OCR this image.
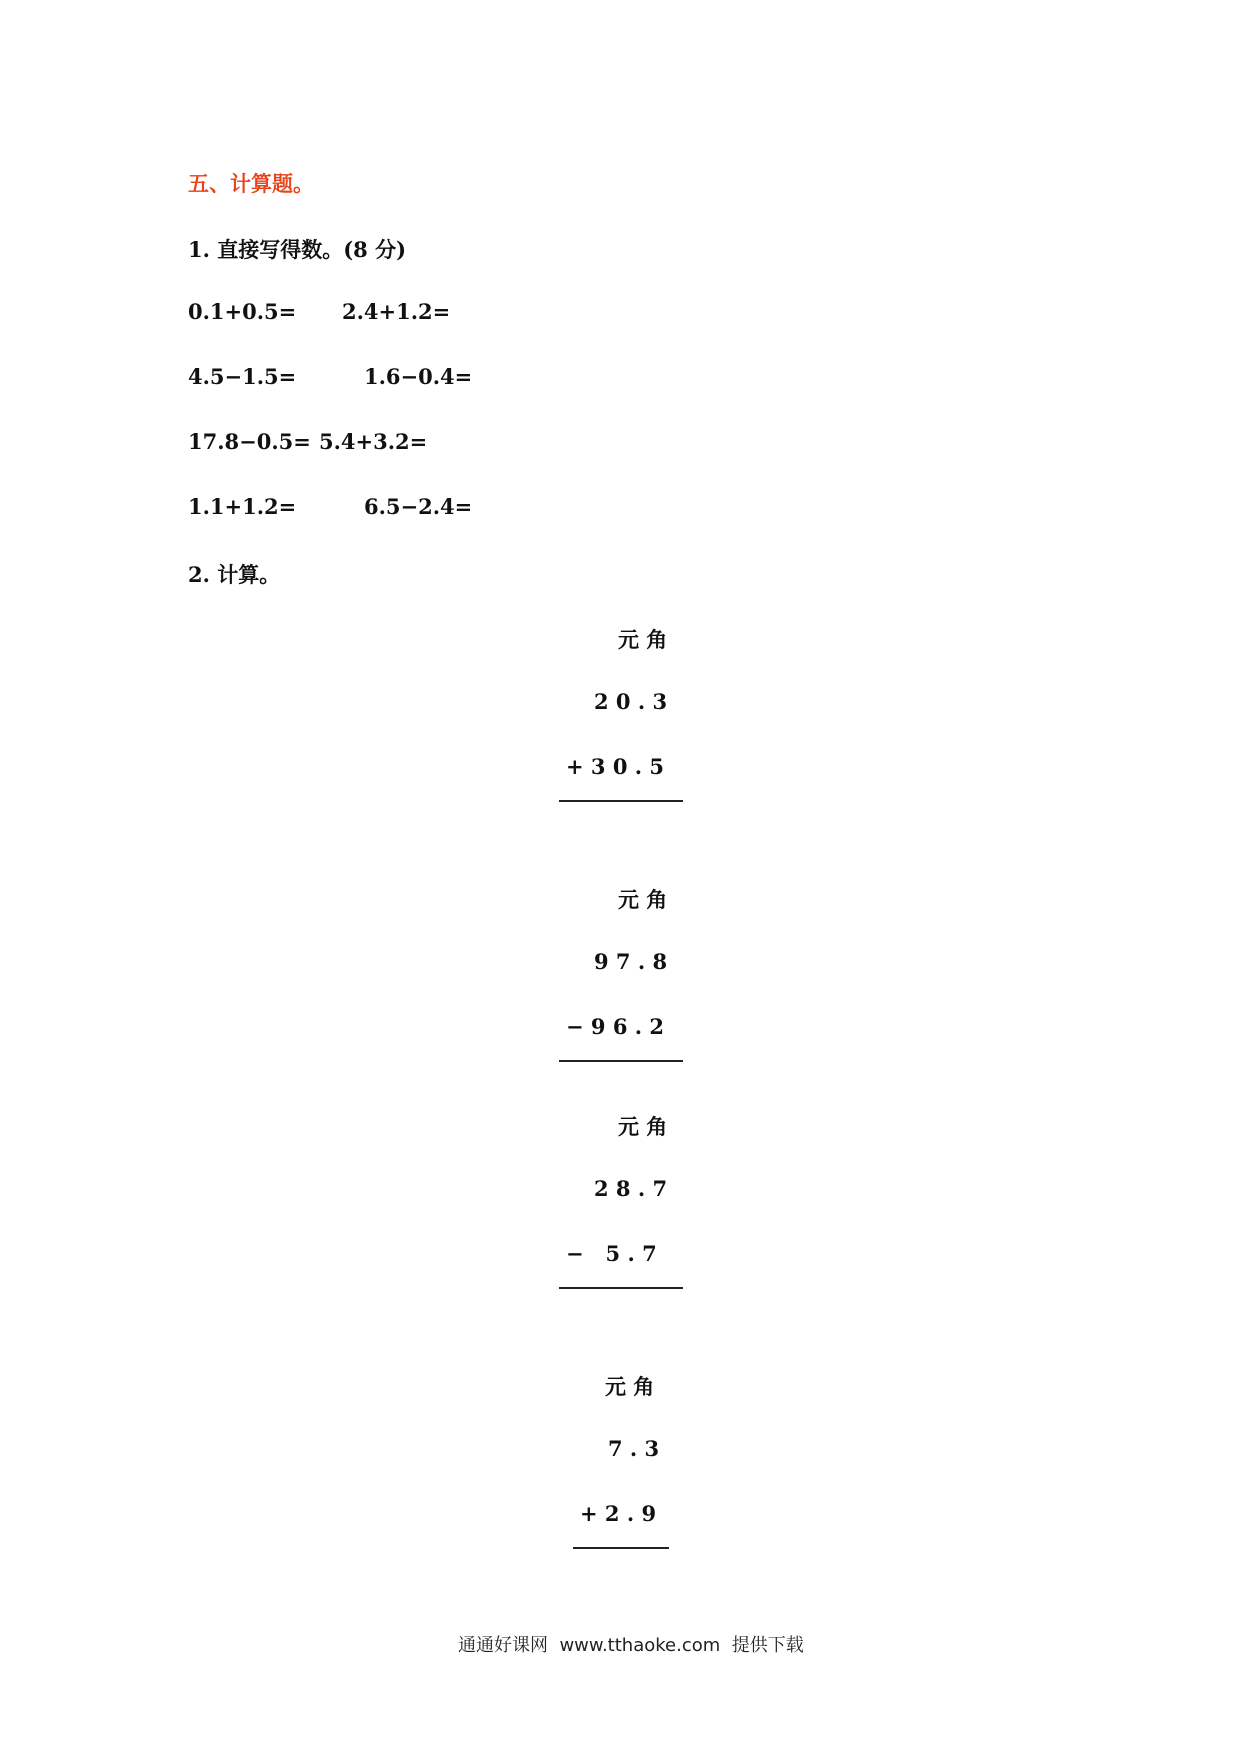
五、计算题。
1. 直接写得数。(8 分)
0.1+0.5= 2.4+1.2=
4.5−1.5=	1.6−0.4=
17.8−0.5= 5.4+3.2=
1.1+1.2=	6.5−2.4=
2. 计算。
元 角
2 0 . 3
+ 3 0 . 5
元 角
9 7 . 8
− 9 6 . 2
元 角
2 8 . 7
−   5 . 7
元 角
7 . 3
+ 2 . 9
通通好课网  www.tthaoke.com  提供下载
